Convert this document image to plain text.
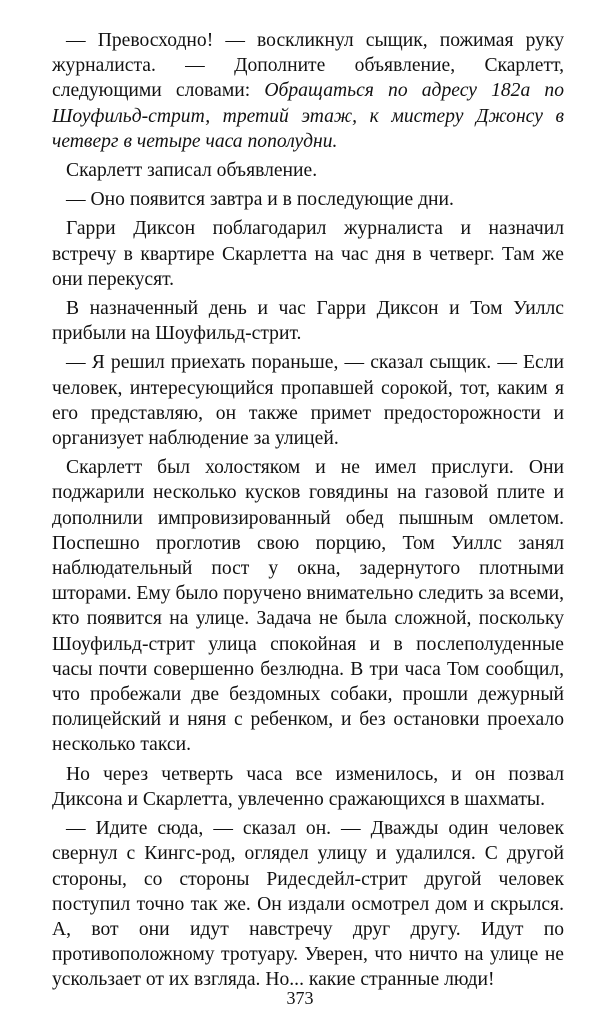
— Превосходно! — воскликнул сыщик, пожимая руку журналиста. — Дополните объявление, Скарлетт, следующими словами: Обращаться по адресу 182а по Шоуфильд-стрит, третий этаж, к мистеру Джонсу в четверг в четыре часа пополудни.

Скарлетт записал объявление.

— Оно появится завтра и в последующие дни.

Гарри Диксон поблагодарил журналиста и назначил встречу в квартире Скарлетта на час дня в четверг. Там же они перекусят.

В назначенный день и час Гарри Диксон и Том Уиллс прибыли на Шоуфильд-стрит.

— Я решил приехать пораньше, — сказал сыщик. — Если человек, интересующийся пропавшей сорокой, тот, каким я его представляю, он также примет предосторожности и организует наблюдение за улицей.

Скарлетт был холостяком и не имел прислуги. Они поджарили несколько кусков говядины на газовой плите и дополнили импровизированный обед пышным омлетом. Поспешно проглотив свою порцию, Том Уиллс занял наблюдательный пост у окна, задернутого плотными шторами. Ему было поручено внимательно следить за всеми, кто появится на улице. Задача не была сложной, поскольку Шоуфильд-стрит улица спокойная и в послеполуденные часы почти совершенно безлюдна. В три часа Том сообщил, что пробежали две бездомных собаки, прошли дежурный полицейский и няня с ребенком, и без остановки проехало несколько такси.

Но через четверть часа все изменилось, и он позвал Диксона и Скарлетта, увлеченно сражающихся в шахматы.

— Идите сюда, — сказал он. — Дважды один человек свернул с Кингс-род, оглядел улицу и удалился. С другой стороны, со стороны Ридесдейл-стрит другой человек поступил точно так же. Он издали осмотрел дом и скрылся. А, вот они идут навстречу друг другу. Идут по противоположному тротуару. Уверен, что ничто на улице не ускользает от их взгляда. Но... какие странные люди!

373
